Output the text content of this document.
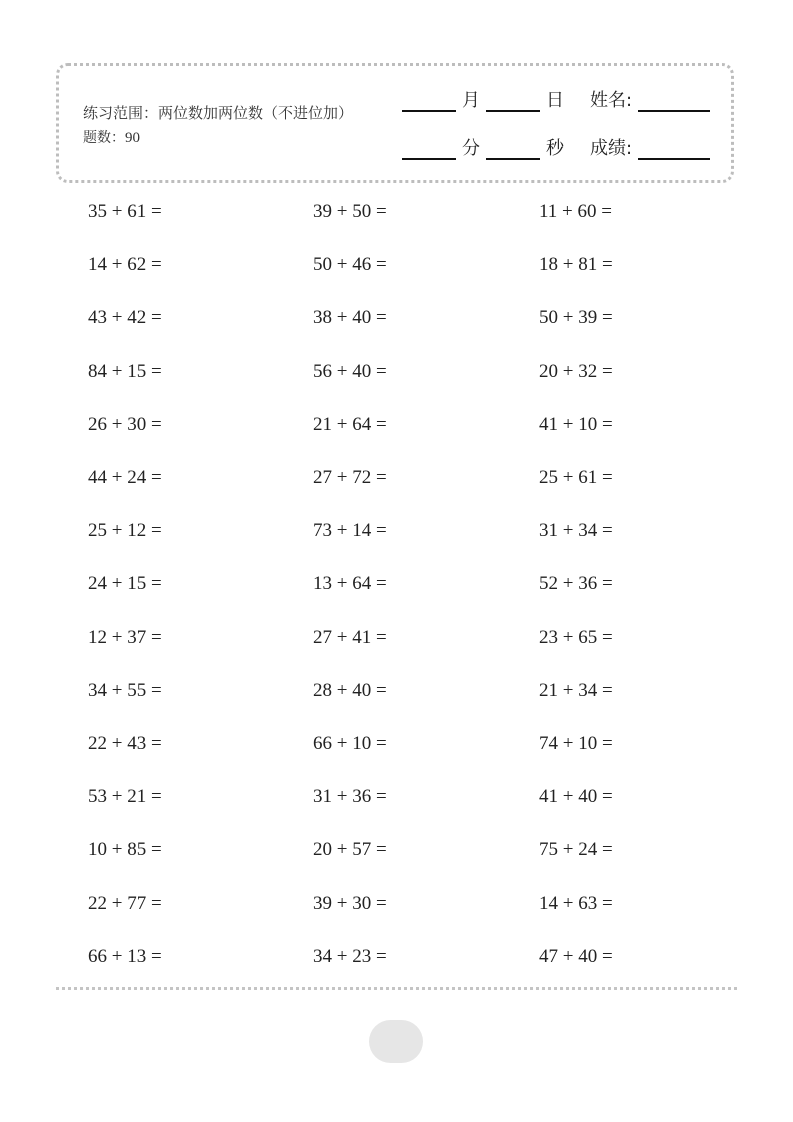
练习范围：两位数加两位数（不进位加）
题数：90
月	日	姓名:
分	秒	成绩:
35 + 61 =	39 + 50 =	11 + 60 =
14 + 62 =	50 + 46 =	18 + 81 =
43 + 42 =	38 + 40 =	50 + 39 =
84 + 15 =	56 + 40 =	20 + 32 =
26 + 30 =	21 + 64 =	41 + 10 =
44 + 24 =	27 + 72 =	25 + 61 =
25 + 12 =	73 + 14 =	31 + 34 =
24 + 15 =	13 + 64 =	52 + 36 =
12 + 37 =	27 + 41 =	23 + 65 =
34 + 55 =	28 + 40 =	21 + 34 =
22 + 43 =	66 + 10 =	74 + 10 =
53 + 21 =	31 + 36 =	41 + 40 =
10 + 85 =	20 + 57 =	75 + 24 =
22 + 77 =	39 + 30 =	14 + 63 =
66 + 13 =	34 + 23 =	47 + 40 =
